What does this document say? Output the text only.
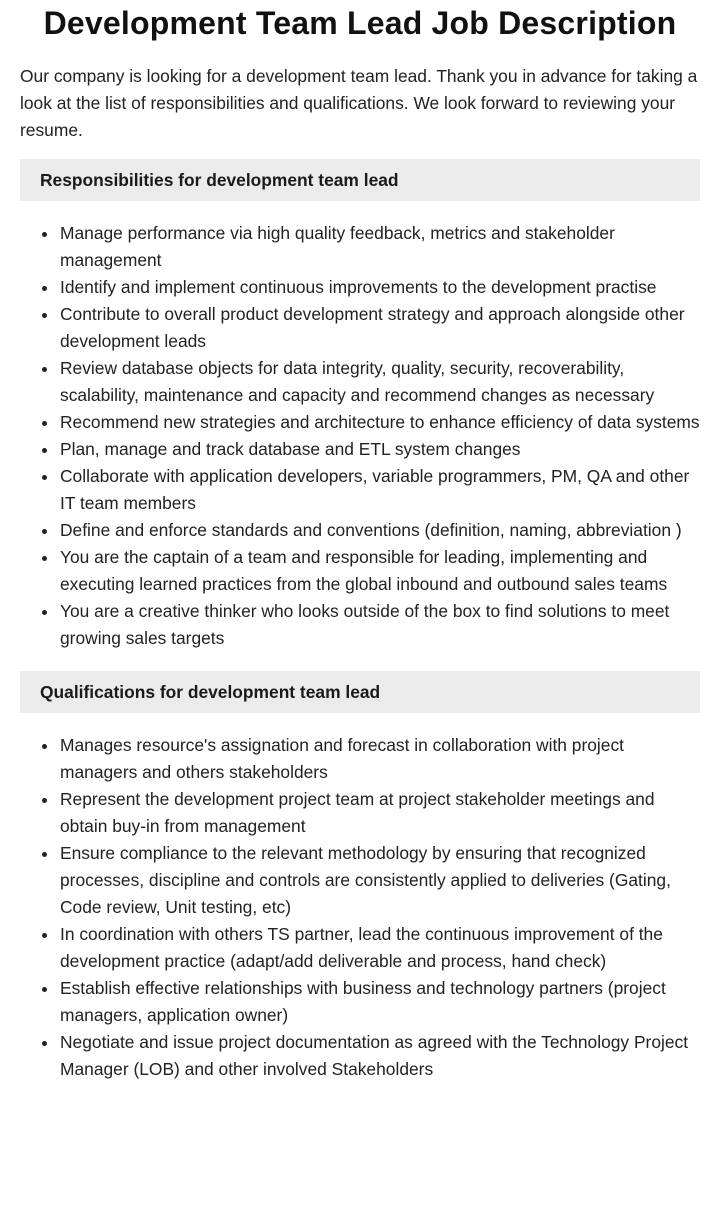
Development Team Lead Job Description

Our company is looking for a development team lead. Thank you in advance for taking a look at the list of responsibilities and qualifications. We look forward to reviewing your resume.

Responsibilities for development team lead
Manage performance via high quality feedback, metrics and stakeholder management
Identify and implement continuous improvements to the development practise
Contribute to overall product development strategy and approach alongside other development leads
Review database objects for data integrity, quality, security, recoverability, scalability, maintenance and capacity and recommend changes as necessary
Recommend new strategies and architecture to enhance efficiency of data systems
Plan, manage and track database and ETL system changes
Collaborate with application developers, variable programmers, PM, QA and other IT team members
Define and enforce standards and conventions (definition, naming, abbreviation )
You are the captain of a team and responsible for leading, implementing and executing learned practices from the global inbound and outbound sales teams
You are a creative thinker who looks outside of the box to find solutions to meet growing sales targets
Qualifications for development team lead
Manages resource's assignation and forecast in collaboration with project managers and others stakeholders
Represent the development project team at project stakeholder meetings and obtain buy-in from management
Ensure compliance to the relevant methodology by ensuring that recognized processes, discipline and controls are consistently applied to deliveries (Gating, Code review, Unit testing, etc)
In coordination with others TS partner, lead the continuous improvement of the development practice (adapt/add deliverable and process, hand check)
Establish effective relationships with business and technology partners (project managers, application owner)
Negotiate and issue project documentation as agreed with the Technology Project Manager (LOB) and other involved Stakeholders
